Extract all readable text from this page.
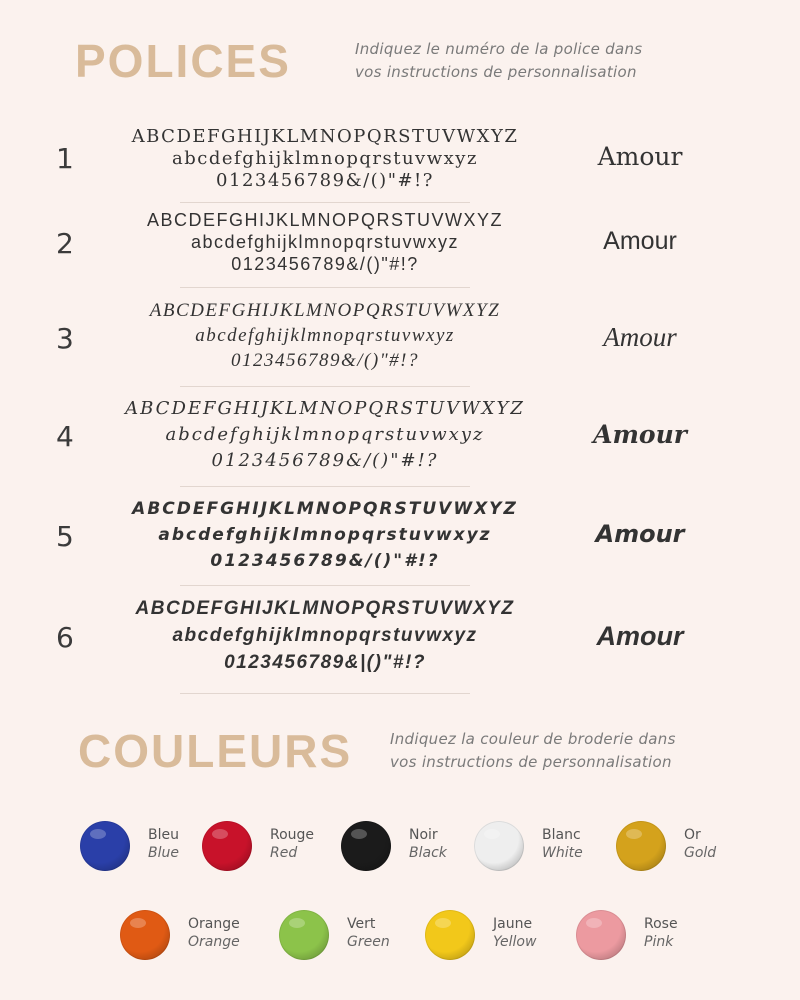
POLICES	Indiquez le numéro de la police dans
vos instructions de personnalisation
1
ABCDEFGHIJKLMNOPQRSTUVWXYZ
abcdefghijklmnopqrstuvwxyz
0123456789&/()"#!?
Amour
2
ABCDEFGHIJKLMNOPQRSTUVWXYZ
abcdefghijklmnopqrstuvwxyz
0123456789&/()"#!?
Amour
3
ABCDEFGHIJKLMNOPQRSTUVWXYZ
abcdefghijklmnopqrstuvwxyz
0123456789&/()"#!?
Amour
4
ABCDEFGHIJKLMNOPQRSTUVWXYZ
abcdefghijklmnopqrstuvwxyz
0123456789&/()"#!?
Amour
5
ABCDEFGHIJKLMNOPQRSTUVWXYZ
abcdefghijklmnopqrstuvwxyz
0123456789&/()"#!?
Amour
6
ABCDEFGHIJKLMNOPQRSTUVWXYZ
abcdefghijklmnopqrstuvwxyz
0123456789&|()"#!?
Amour
COULEURS	Indiquez la couleur de broderie dans
vos instructions de personnalisation
Bleu
Blue
Rouge
Red
Noir
Black
Blanc
White
Or
Gold
Orange
Orange
Vert
Green
Jaune
Yellow
Rose
Pink
